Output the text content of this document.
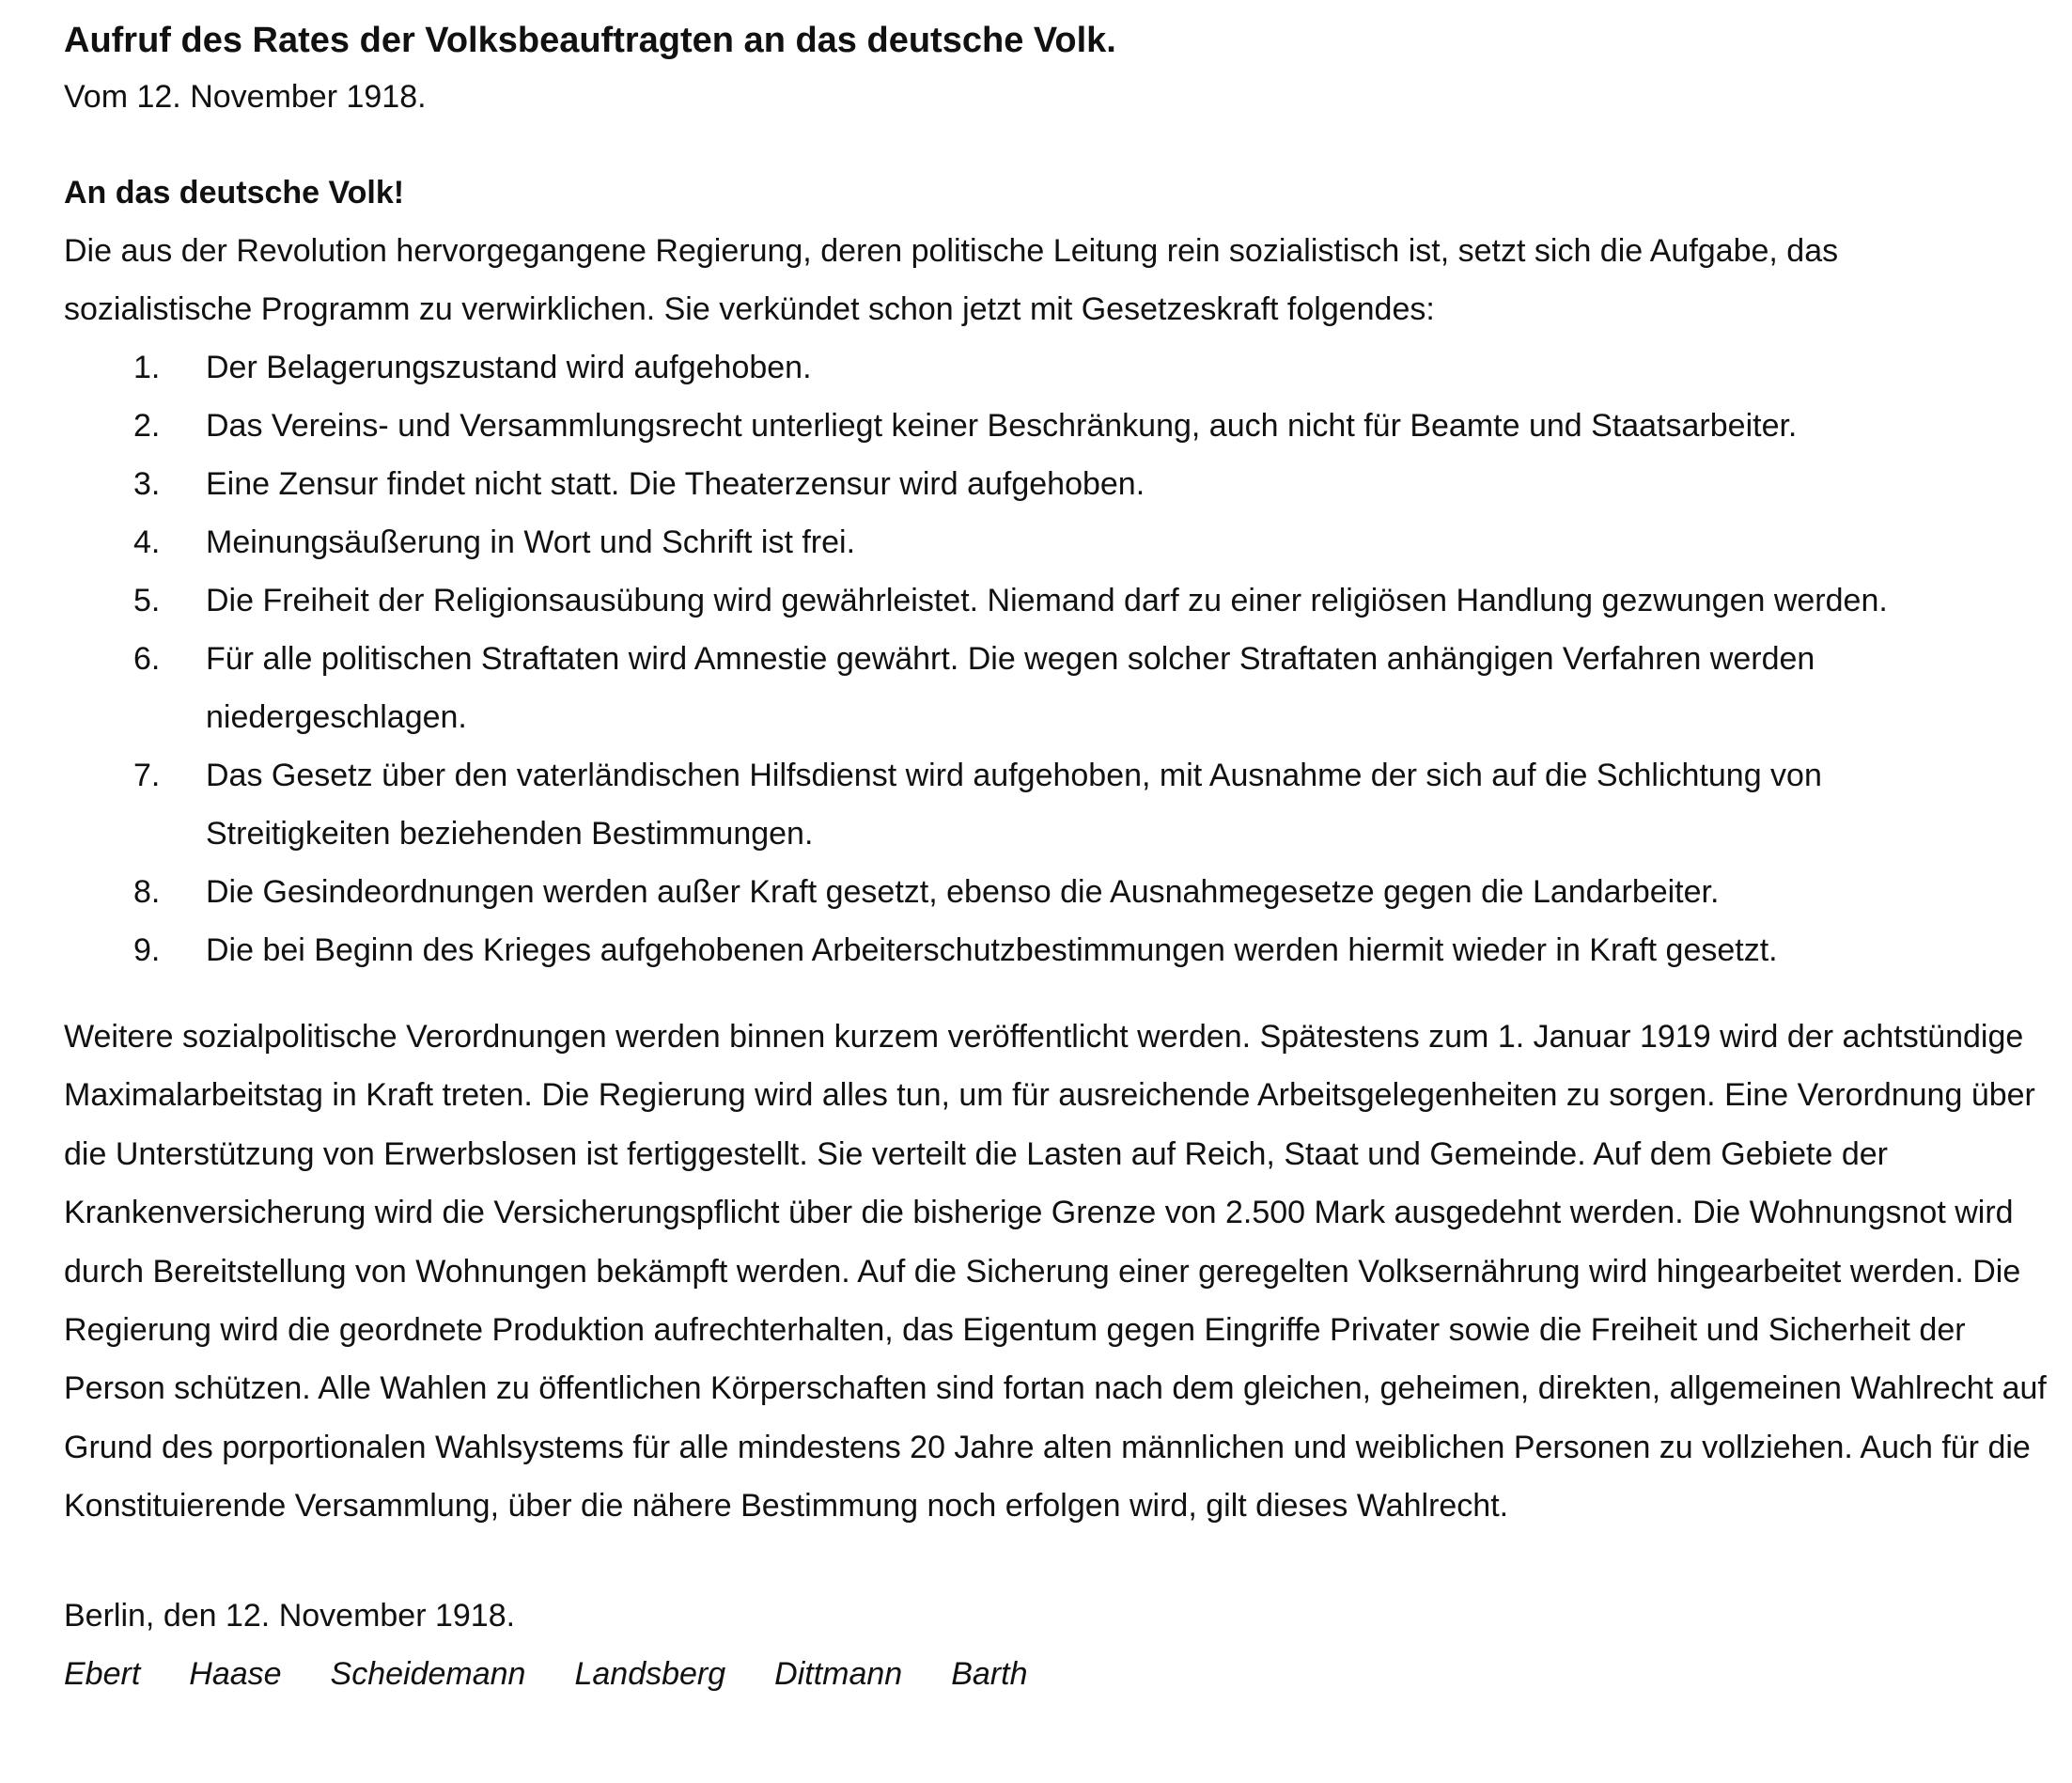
Aufruf des Rates der Volksbeauftragten an das deutsche Volk.

Vom 12. November 1918.

An das deutsche Volk!

Die aus der Revolution hervorgegangene Regierung, deren politische Leitung rein sozialistisch ist, setzt sich die Aufgabe, das sozialistische Programm zu verwirklichen. Sie verkündet schon jetzt mit Gesetzeskraft folgendes:

1.	Der Belagerungszustand wird aufgehoben.
2.	Das Vereins- und Versammlungsrecht unterliegt keiner Beschränkung, auch nicht für Beamte und Staatsarbeiter.
3.	Eine Zensur findet nicht statt. Die Theaterzensur wird aufgehoben.
4.	Meinungsäußerung in Wort und Schrift ist frei.
5.	Die Freiheit der Religionsausübung wird gewährleistet. Niemand darf zu einer religiösen Handlung gezwungen werden.
6.	Für alle politischen Straftaten wird Amnestie gewährt. Die wegen solcher Straftaten anhängigen Verfahren werden niedergeschlagen.
7.	Das Gesetz über den vaterländischen Hilfsdienst wird aufgehoben, mit Ausnahme der sich auf die Schlichtung von Streitigkeiten beziehenden Bestimmungen.
8.	Die Gesindeordnungen werden außer Kraft gesetzt, ebenso die Ausnahmegesetze gegen die Landarbeiter.
9.	Die bei Beginn des Krieges aufgehobenen Arbeiterschutzbestimmungen werden hiermit wieder in Kraft gesetzt.

Weitere sozialpolitische Verordnungen werden binnen kurzem veröffentlicht werden. Spätestens zum 1. Januar 1919 wird der achtstündige Maximalarbeitstag in Kraft treten. Die Regierung wird alles tun, um für ausreichende Arbeitsgelegenheiten zu sorgen. Eine Verordnung über die Unterstützung von Erwerbslosen ist fertiggestellt. Sie verteilt die Lasten auf Reich, Staat und Gemeinde. Auf dem Gebiete der Krankenversicherung wird die Versicherungspflicht über die bisherige Grenze von 2.500 Mark ausgedehnt werden. Die Wohnungsnot wird durch Bereitstellung von Wohnungen bekämpft werden. Auf die Sicherung einer geregelten Volksernährung wird hingearbeitet werden. Die Regierung wird die geordnete Produktion aufrechterhalten, das Eigentum gegen Eingriffe Privater sowie die Freiheit und Sicherheit der Person schützen. Alle Wahlen zu öffentlichen Körperschaften sind fortan nach dem gleichen, geheimen, direkten, allgemeinen Wahlrecht auf Grund des porportionalen Wahlsystems für alle mindestens 20 Jahre alten männlichen und weiblichen Personen zu vollziehen. Auch für die Konstituierende Versammlung, über die nähere Bestimmung noch erfolgen wird, gilt dieses Wahlrecht.

Berlin, den 12. November 1918.

Ebert Haase Scheidemann Landsberg Dittmann Barth
